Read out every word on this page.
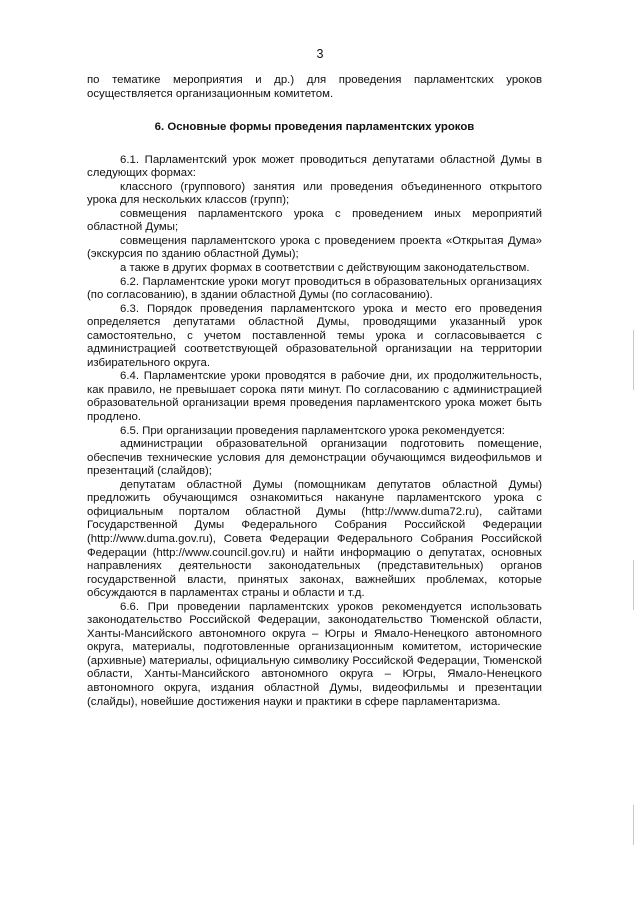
3

по тематике мероприятия и др.) для проведения парламентских уроков осуществляется организационным комитетом.

6. Основные формы проведения парламентских уроков

6.1. Парламентский урок может проводиться депутатами областной Думы в следующих формах:

классного (группового) занятия или проведения объединенного открытого урока для нескольких классов (групп);

совмещения парламентского урока с проведением иных мероприятий областной Думы;

совмещения парламентского урока с проведением проекта «Открытая Дума» (экскурсия по зданию областной Думы);

а также в других формах в соответствии с действующим законодательством.

6.2. Парламентские уроки могут проводиться в образовательных организациях (по согласованию), в здании областной Думы (по согласованию).

6.3. Порядок проведения парламентского урока и место его проведения определяется депутатами областной Думы, проводящими указанный урок самостоятельно, с учетом поставленной темы урока и согласовывается с администрацией соответствующей образовательной организации на территории избирательного округа.

6.4. Парламентские уроки проводятся в рабочие дни, их продолжительность, как правило, не превышает сорока пяти минут. По согласованию с администрацией образовательной организации время проведения парламентского урока может быть продлено.

6.5. При организации проведения парламентского урока рекомендуется:

администрации образовательной организации подготовить помещение, обеспечив технические условия для демонстрации обучающимся видеофильмов и презентаций (слайдов);

депутатам областной Думы (помощникам депутатов областной Думы) предложить обучающимся ознакомиться накануне парламентского урока с официальным порталом областной Думы (http://www.duma72.ru), сайтами Государственной Думы Федерального Собрания Российской Федерации (http://www.duma.gov.ru), Совета Федерации Федерального Собрания Российской Федерации (http://www.council.gov.ru) и найти информацию о депутатах, основных направлениях деятельности законодательных (представительных) органов государственной власти, принятых законах, важнейших проблемах, которые обсуждаются в парламентах страны и области и т.д.

6.6. При проведении парламентских уроков рекомендуется использовать законодательство Российской Федерации, законодательство Тюменской области, Ханты-Мансийского автономного округа – Югры и Ямало-Ненецкого автономного округа, материалы, подготовленные организационным комитетом, исторические (архивные) материалы, официальную символику Российской Федерации, Тюменской области, Ханты-Мансийского автономного округа – Югры, Ямало-Ненецкого автономного округа, издания областной Думы, видеофильмы и презентации (слайды), новейшие достижения науки и практики в сфере парламентаризма.
